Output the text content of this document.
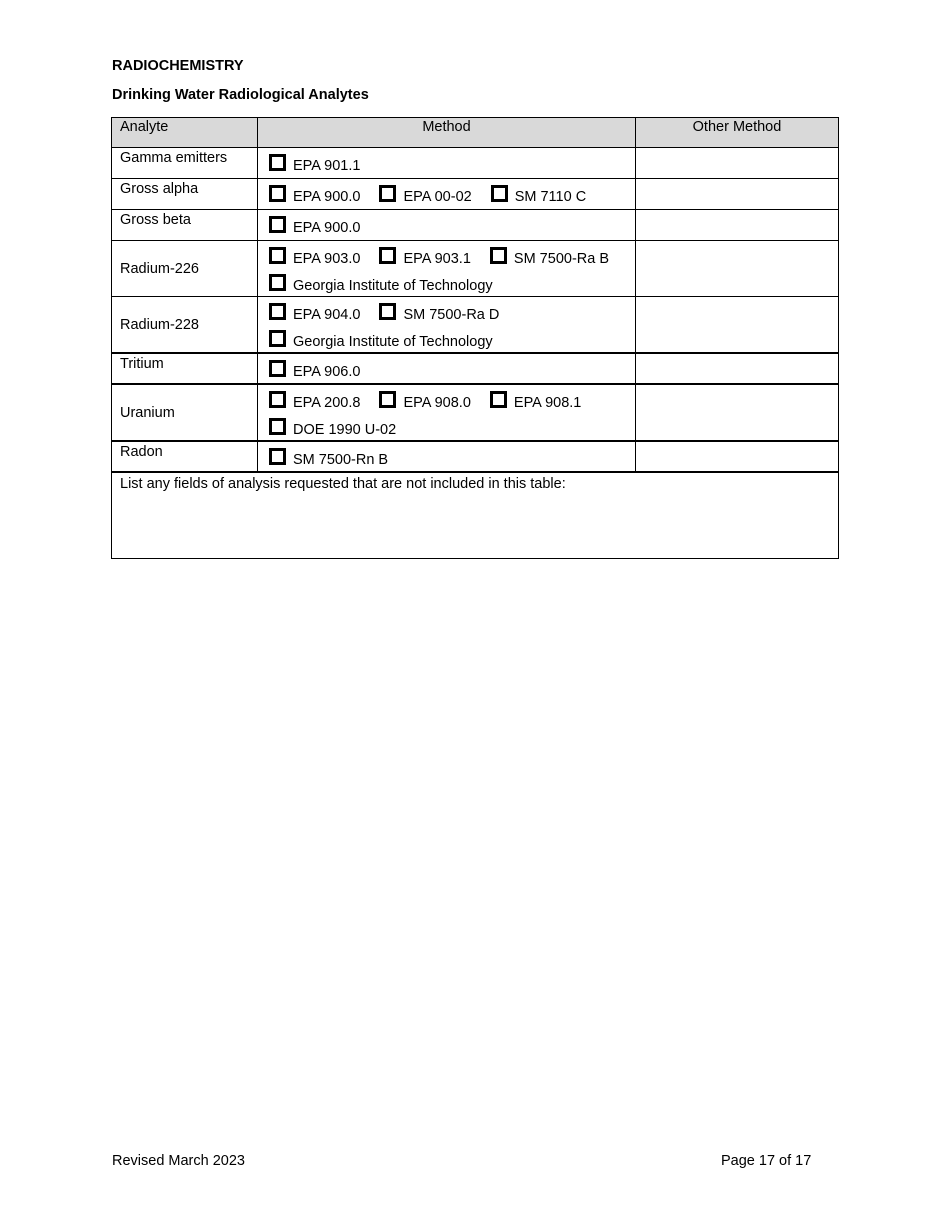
RADIOCHEMISTRY
Drinking Water Radiological Analytes
Analyte	Method	Other Method
Gamma emitters	EPA 901.1	

Gross alpha	EPA 900.0 EPA 00-02 SM 7110 C	

Gross beta	EPA 900.0	

Radium-226	EPA 903.0 EPA 903.1 SM 7500-Ra B
Georgia Institute of Technology	

Radium-228	EPA 904.0 SM 7500-Ra D
Georgia Institute of Technology	

Tritium	EPA 906.0	

Uranium	EPA 200.8 EPA 908.0 EPA 908.1
DOE 1990 U-02	

Radon	SM 7500-Rn B	

List any fields of analysis requested that are not included in this table:		
Revised March 2023	Page 17 of 17
